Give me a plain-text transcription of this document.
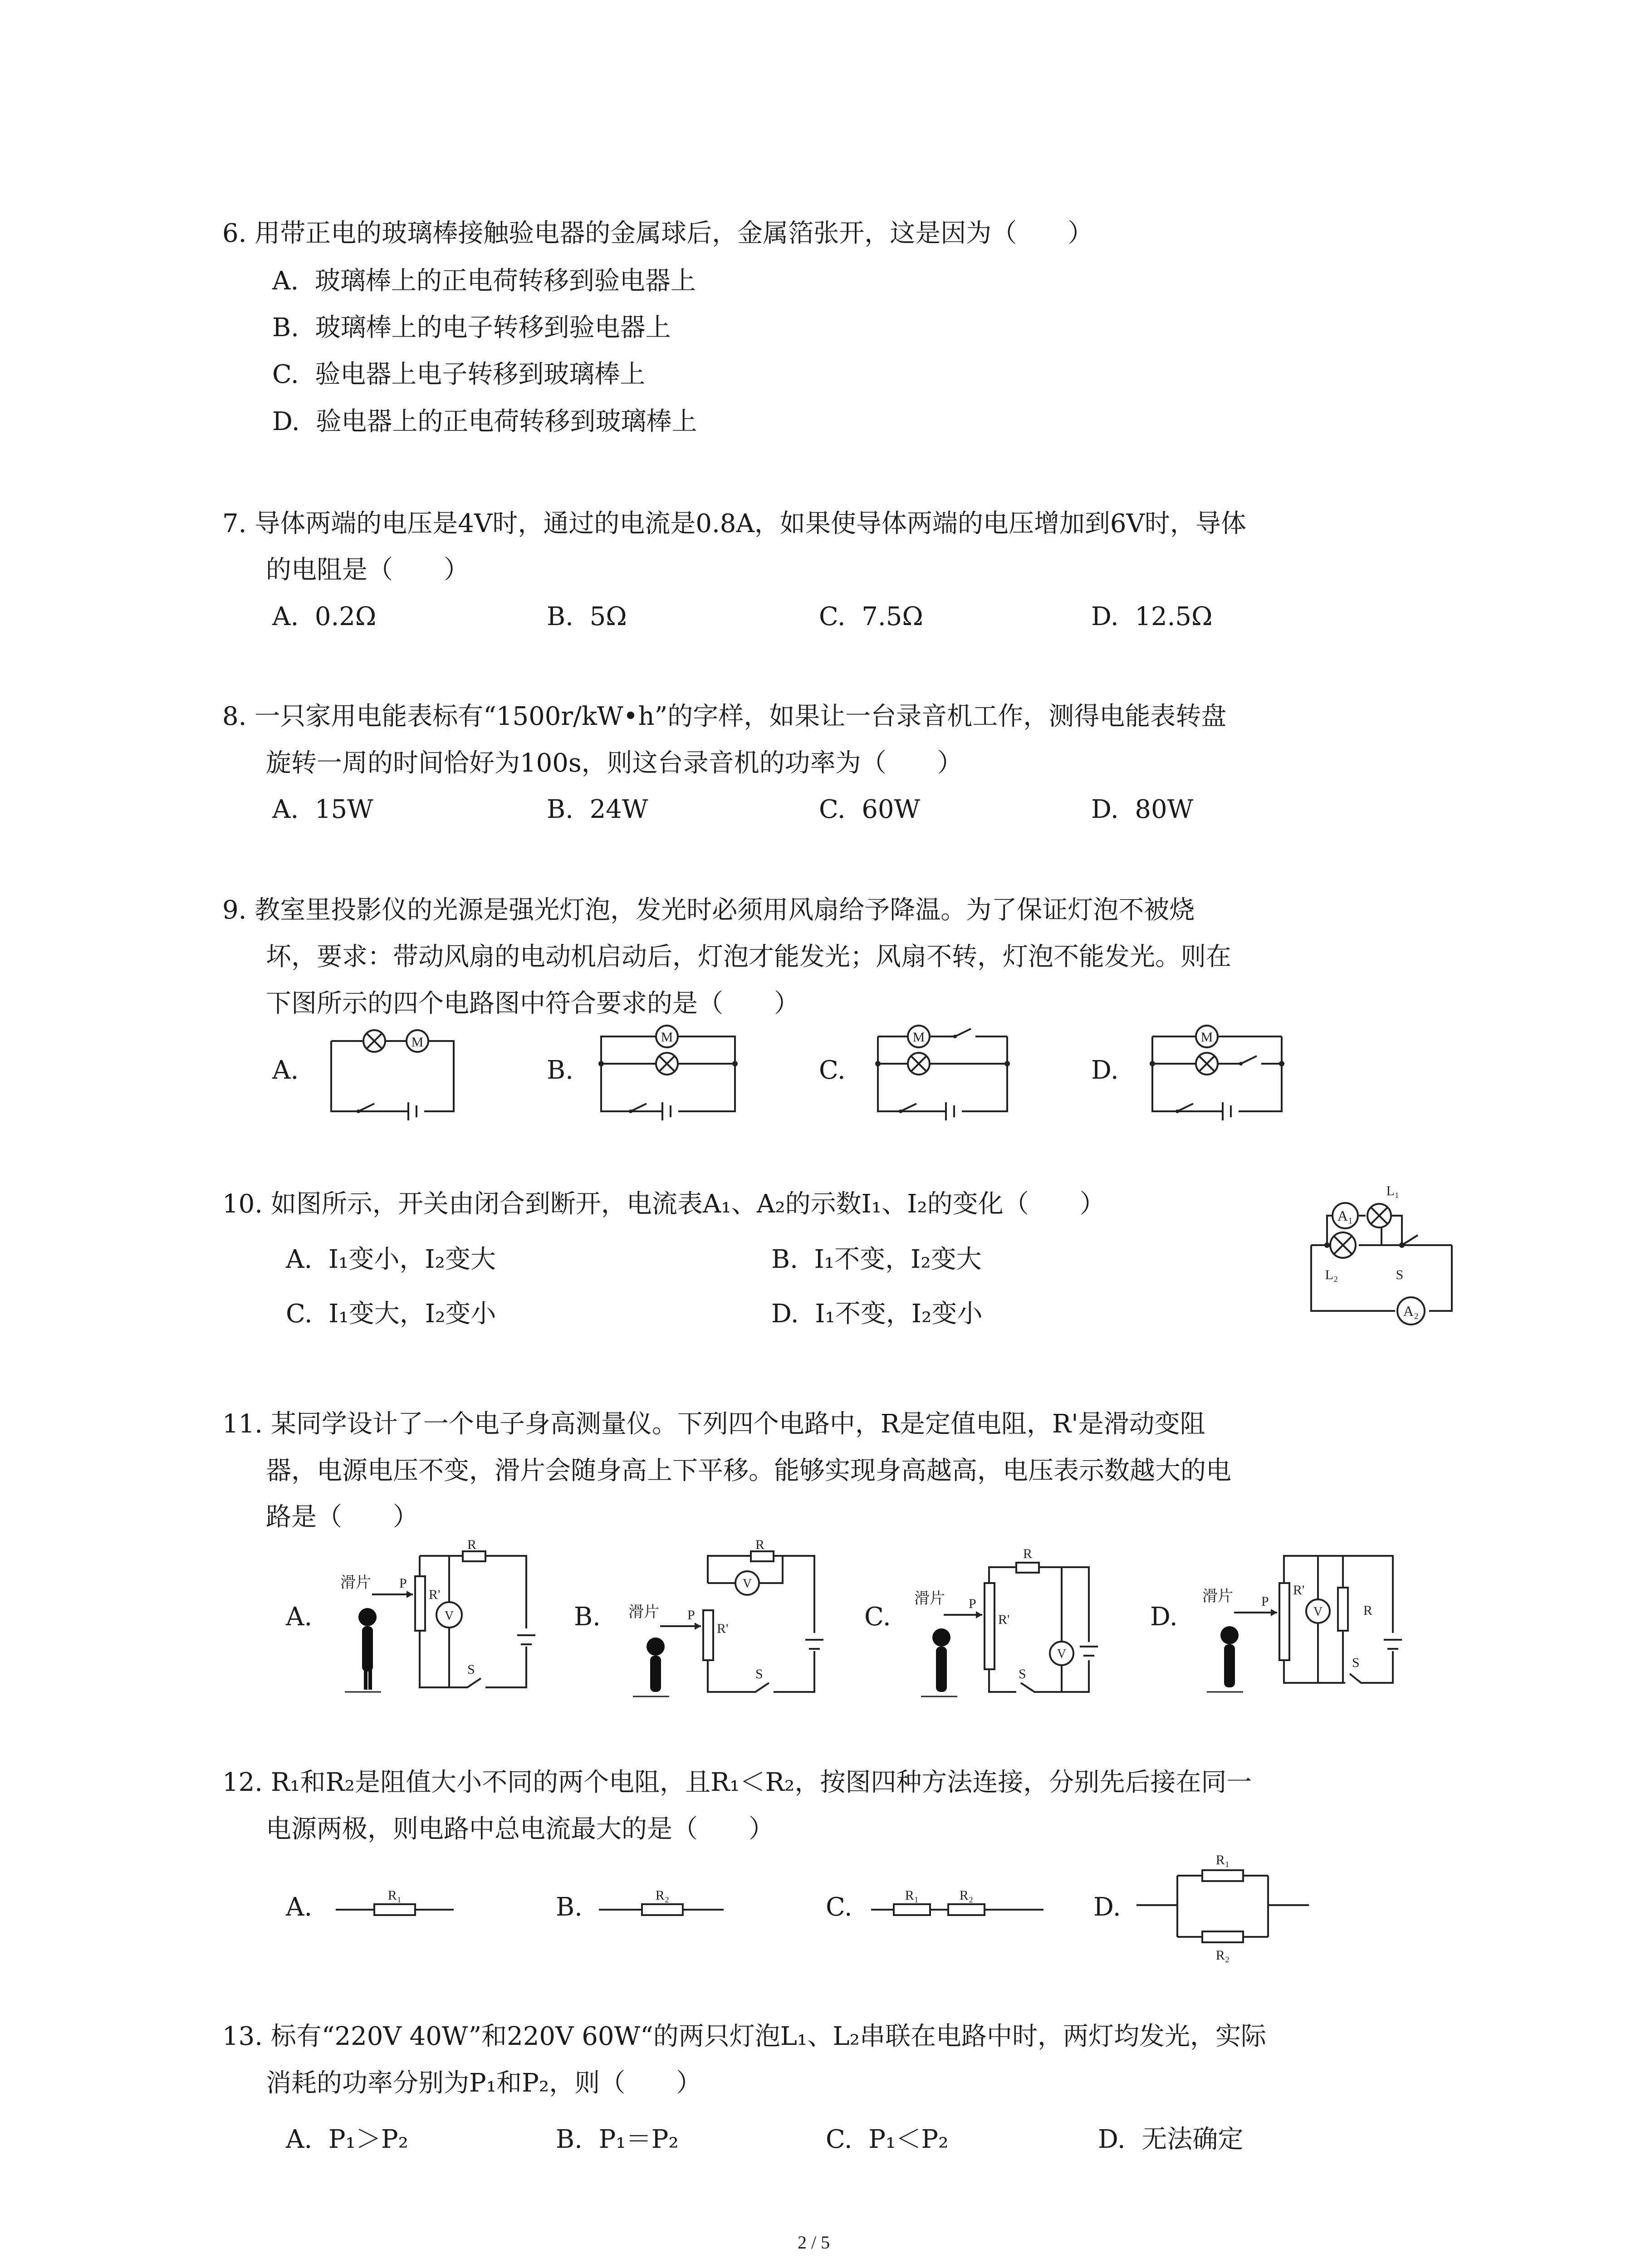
6. 用带正电的玻璃棒接触验电器的金属球后，金属箔张开，这是因为（　　）
A. 玻璃棒上的正电荷转移到验电器上
B. 玻璃棒上的电子转移到验电器上
C. 验电器上电子转移到玻璃棒上
D. 验电器上的正电荷转移到玻璃棒上
7. 导体两端的电压是4V时，通过的电流是0.8A，如果使导体两端的电压增加到6V时，导体
的电阻是（　　）
A. 0.2Ω	B. 5Ω	C. 7.5Ω	D. 12.5Ω
8. 一只家用电能表标有“1500r/kW•h”的字样，如果让一台录音机工作，测得电能表转盘
旋转一周的时间恰好为100s，则这台录音机的功率为（　　）
A. 15W	B. 24W	C. 60W	D. 80W
9. 教室里投影仪的光源是强光灯泡，发光时必须用风扇给予降温。为了保证灯泡不被烧
坏，要求：带动风扇的电动机启动后，灯泡才能发光；风扇不转，灯泡不能发光。则在
下图所示的四个电路图中符合要求的是（　　）
A.	B.	C.	D.
M	M	M	M
10. 如图所示，开关由闭合到断开，电流表A₁、A₂的示数I₁、I₂的变化（　　）
A. I₁变小，I₂变大	B. I₁不变，I₂变大
C. I₁变大，I₂变小	D. I₁不变，I₂变小
A₁
A₂
L₁
L₂	S
11. 某同学设计了一个电子身高测量仪。下列四个电路中，R是定值电阻，R'是滑动变阻
器，电源电压不变，滑片会随身高上下平移。能够实现身高越高，电压表示数越大的电
路是（　　）
A.	B.	C.	D.
滑片 P
R'
R
V
S
滑片 P
R'
R
V
S
滑片 P
R'
R
V
S
滑片 P
R'
R
V
S
12. R₁和R₂是阻值大小不同的两个电阻，且R₁＜R₂，按图四种方法连接，分别先后接在同一
电源两极，则电路中总电流最大的是（　　）
A.	B.	C.	D.
R₁	R₂	R₁	R₂
R₁
R₂
13. 标有“220V 40W”和220V 60W“的两只灯泡L₁、L₂串联在电路中时，两灯均发光，实际
消耗的功率分别为P₁和P₂，则（　　）
A. P₁＞P₂	B. P₁＝P₂	C. P₁＜P₂	D. 无法确定
2 / 5
